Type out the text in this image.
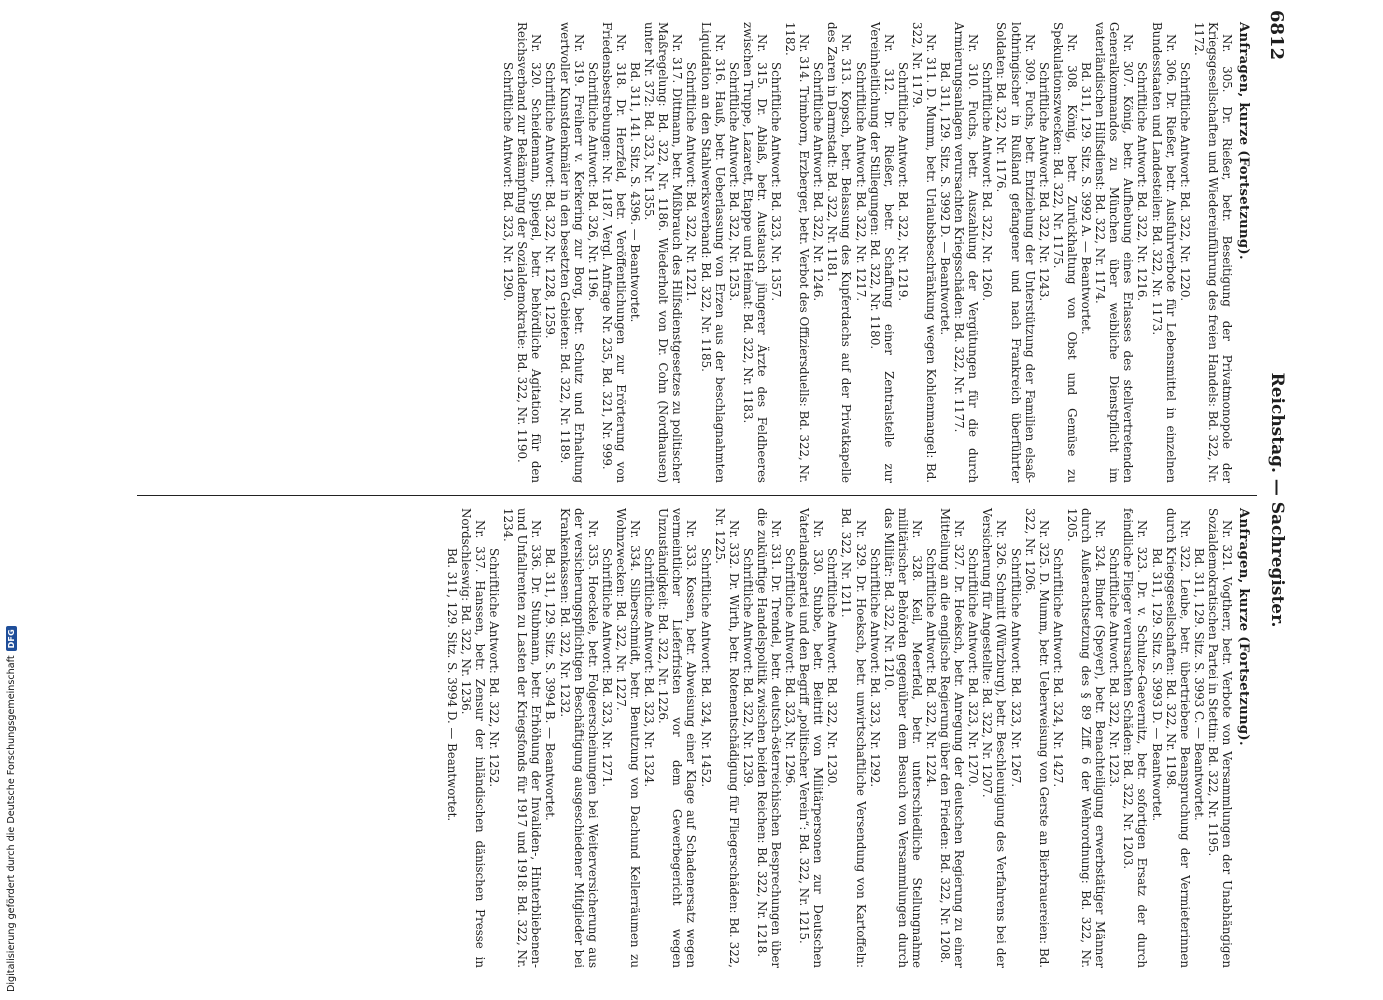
6812
Reichstag. — Sachregister.
Anfragen, kurze (Fortsetzung).

Nr. 305. Dr. Rießer, betr. Beseitigung der Privatmonopole der Kriegsgesellschaften und Wiedereinführung des freien Handels: Bd. 322, Nr. 1172.

Schriftliche Antwort: Bd. 322, Nr. 1220.

Nr. 306. Dr. Rießer, betr. Ausfuhrverbote für Lebensmittel in einzelnen Bundesstaaten und Landesteilen: Bd. 322, Nr. 1173.

Schriftliche Antwort: Bd. 322, Nr. 1216.

Nr. 307. König, betr. Aufhebung eines Erlasses des stellvertretenden Generalkommandos zu München über weibliche Dienstpflicht im vaterländischen Hilfsdienst: Bd. 322, Nr. 1174.

Bd. 311, 129. Sitz. S. 3992 A. — Beantwortet.

Nr. 308. König, betr. Zurückhaltung von Obst und Gemüse zu Spekulationszwecken: Bd. 322, Nr. 1175.

Schriftliche Antwort: Bd. 322, Nr. 1243.

Nr. 309. Fuchs, betr. Entziehung der Unterstützung der Familien elsaß-lothringischer in Rußland gefangener und nach Frankreich überführter Soldaten: Bd. 322, Nr. 1176.

Schriftliche Antwort: Bd. 322, Nr. 1260.

Nr. 310. Fuchs, betr. Auszahlung der Vergütungen für die durch Armierungsanlagen verursachten Kriegsschäden: Bd. 322, Nr. 1177.

Bd. 311, 129. Sitz. S. 3992 D. — Beantwortet.

Nr. 311. D. Mumm, betr. Urlaubsbeschränkung wegen Kohlenmangel: Bd. 322, Nr. 1179.

Schriftliche Antwort: Bd. 322, Nr. 1219.

Nr. 312. Dr. Rießer, betr. Schaffung einer Zentralstelle zur Vereinheitlichung der Stillegungen: Bd. 322, Nr. 1180.

Schriftliche Antwort: Bd. 322, Nr. 1217.

Nr. 313. Kopsch, betr. Belassung des Kupferdachs auf der Privatkapelle des Zaren in Darmstadt: Bd. 322, Nr. 1181.

Schriftliche Antwort: Bd. 322, Nr. 1246.

Nr. 314. Trimborn, Erzberger, betr. Verbot des Offiziersduells: Bd. 322, Nr. 1182.

Schriftliche Antwort: Bd. 323, Nr. 1357.

Nr. 315. Dr. Ablaß, betr. Austausch jüngerer Ärzte des Feldheeres zwischen Truppe, Lazarett, Etappe und Heimat: Bd. 322, Nr. 1183.

Schriftliche Antwort: Bd. 322, Nr. 1253.

Nr. 316. Hauß, betr. Ueberlassung von Erzen aus der beschlagnahmten Liquidation an den Stahlwerksverband: Bd. 322, Nr. 1185.

Schriftliche Antwort: Bd. 322, Nr. 1221.

Nr. 317. Dittmann, betr. Mißbrauch des Hilfsdienstgesetzes zu politischer Maßregelung: Bd. 322, Nr. 1186. Wiederholt von Dr. Cohn (Nordhausen) unter Nr. 372: Bd. 323, Nr. 1355.

Bd. 311, 141. Sitz. S. 4396. — Beantwortet.

Nr. 318. Dr. Herzfeld, betr. Veröffentlichungen zur Erörterung von Friedensbestrebungen: Nr. 1187. Vergl. Anfrage Nr. 235, Bd. 321, Nr. 999.

Schriftliche Antwort: Bd. 326, Nr. 1196.

Nr. 319. Freiherr v. Kerkering zur Borg, betr. Schutz und Erhaltung wertvoller Kunstdenkmäler in den besetzten Gebieten: Bd. 322, Nr. 1189.

Schriftliche Antwort: Bd. 322, Nr. 1228, 1259.

Nr. 320. Scheidemann, Spiegel, betr. behördliche Agitation für den Reichsverband zur Bekämpfung der Sozialdemokratie: Bd. 322, Nr. 1190.

Schriftliche Antwort: Bd. 323, Nr. 1290.

Anfragen, kurze (Fortsetzung).

Nr. 321. Vogtherr, betr. Verbote von Versammlungen der Unabhängigen Sozialdemokratischen Partei in Stettin: Bd. 322, Nr. 1195.

Bd. 311, 129. Sitz. S. 3993 C. — Beantwortet.

Nr. 322. Leube, betr. übertriebene Beanspruchung der Vermieterinnen durch Kriegsgesellschaften: Bd. 322, Nr. 1198.

Bd. 311, 129. Sitz. S. 3993 D. — Beantwortet.

Nr. 323. Dr. v. Schulze-Gaevernitz, betr. sofortigen Ersatz der durch feindliche Flieger verursachten Schäden: Bd. 322, Nr. 1203.

Schriftliche Antwort: Bd. 322, Nr. 1223.

Nr. 324. Binder (Speyer), betr. Benachteiligung erwerbstätiger Männer durch Außerachtsetzung des § 89 Ziff. 6 der Wehrordnung: Bd. 322, Nr. 1205.

Schriftliche Antwort: Bd. 324, Nr. 1427.

Nr. 325. D. Mumm, betr. Ueberweisung von Gerste an Bierbrauereien: Bd. 322, Nr. 1206.

Schriftliche Antwort: Bd. 323, Nr. 1267.

Nr. 326. Schmitt (Würzburg), betr. Beschleunigung des Verfahrens bei der Versicherung für Angestellte: Bd. 322, Nr. 1207.

Schriftliche Antwort: Bd. 323, Nr. 1270.

Nr. 327. Dr. Hoeksch, betr. Anregung der deutschen Regierung zu einer Mitteilung an die englische Regierung über den Frieden: Bd. 322, Nr. 1208.

Schriftliche Antwort: Bd. 322, Nr. 1224.

Nr. 328. Keil, Meerfeld, betr. unterschiedliche Stellungnahme militärischer Behörden gegenüber dem Besuch von Versammlungen durch das Militär: Bd. 322, Nr. 1210.

Schriftliche Antwort: Bd. 323, Nr. 1292.

Nr. 329. Dr. Hoeksch, betr. unwirtschaftliche Versendung von Kartoffeln: Bd. 322, Nr. 1211.

Schriftliche Antwort: Bd. 322, Nr. 1230.

Nr. 330. Stubbe, betr. Beitritt von Militärpersonen zur Deutschen Vaterlandspartei und den Begriff „politischer Verein“: Bd. 322, Nr. 1215.

Schriftliche Antwort: Bd. 323, Nr. 1296.

Nr. 331. Dr. Trendel, betr. deutsch-österreichischen Besprechungen über die zukünftige Handelspolitik zwischen beiden Reichen: Bd. 322, Nr. 1218.

Schriftliche Antwort: Bd. 322, Nr. 1239.

Nr. 332. Dr. Wirth, betr. Rotenentschädigung für Fliegerschäden: Bd. 322, Nr. 1225.

Schriftliche Antwort: Bd. 324, Nr. 1452.

Nr. 333. Kossen, betr. Abweisung einer Klage auf Schadenersatz wegen vermeintlicher Lieferfristen vor dem Gewerbegericht wegen Unzuständigkeit: Bd. 322, Nr. 1226.

Schriftliche Antwort: Bd. 323, Nr. 1324.

Nr. 334. Silberschmidt, betr. Benutzung von Dachund Kellerräumen zu Wohnzwecken: Bd. 322, Nr. 1227.

Schriftliche Antwort: Bd. 323, Nr. 1271.

Nr. 335. Hoeckele, betr. Folgeerscheinungen bei Weiterversicherung aus der versicherungspflichtigen Beschäftigung ausgeschiedener Mitglieder bei Krankenkassen: Bd. 322, Nr. 1232.

Bd. 311, 129. Sitz. S. 3994 B. — Beantwortet.

Nr. 336. Dr. Stubmann, betr. Erhöhung der Invaliden-, Hinterbliebenen- und Unfallrenten zu Lasten der Kriegsfonds für 1917 und 1918: Bd. 322, Nr. 1234.

Schriftliche Antwort: Bd. 322, Nr. 1252.

Nr. 337. Hanssen, betr. Zensur der inländischen dänischen Presse in Nordschleswig: Bd. 322, Nr. 1236.

Bd. 311, 129. Sitz. S. 3994 D. — Beantwortet.

Digitalisierung gefördert durch die Deutsche Forschungsgemeinschaft
DFG
